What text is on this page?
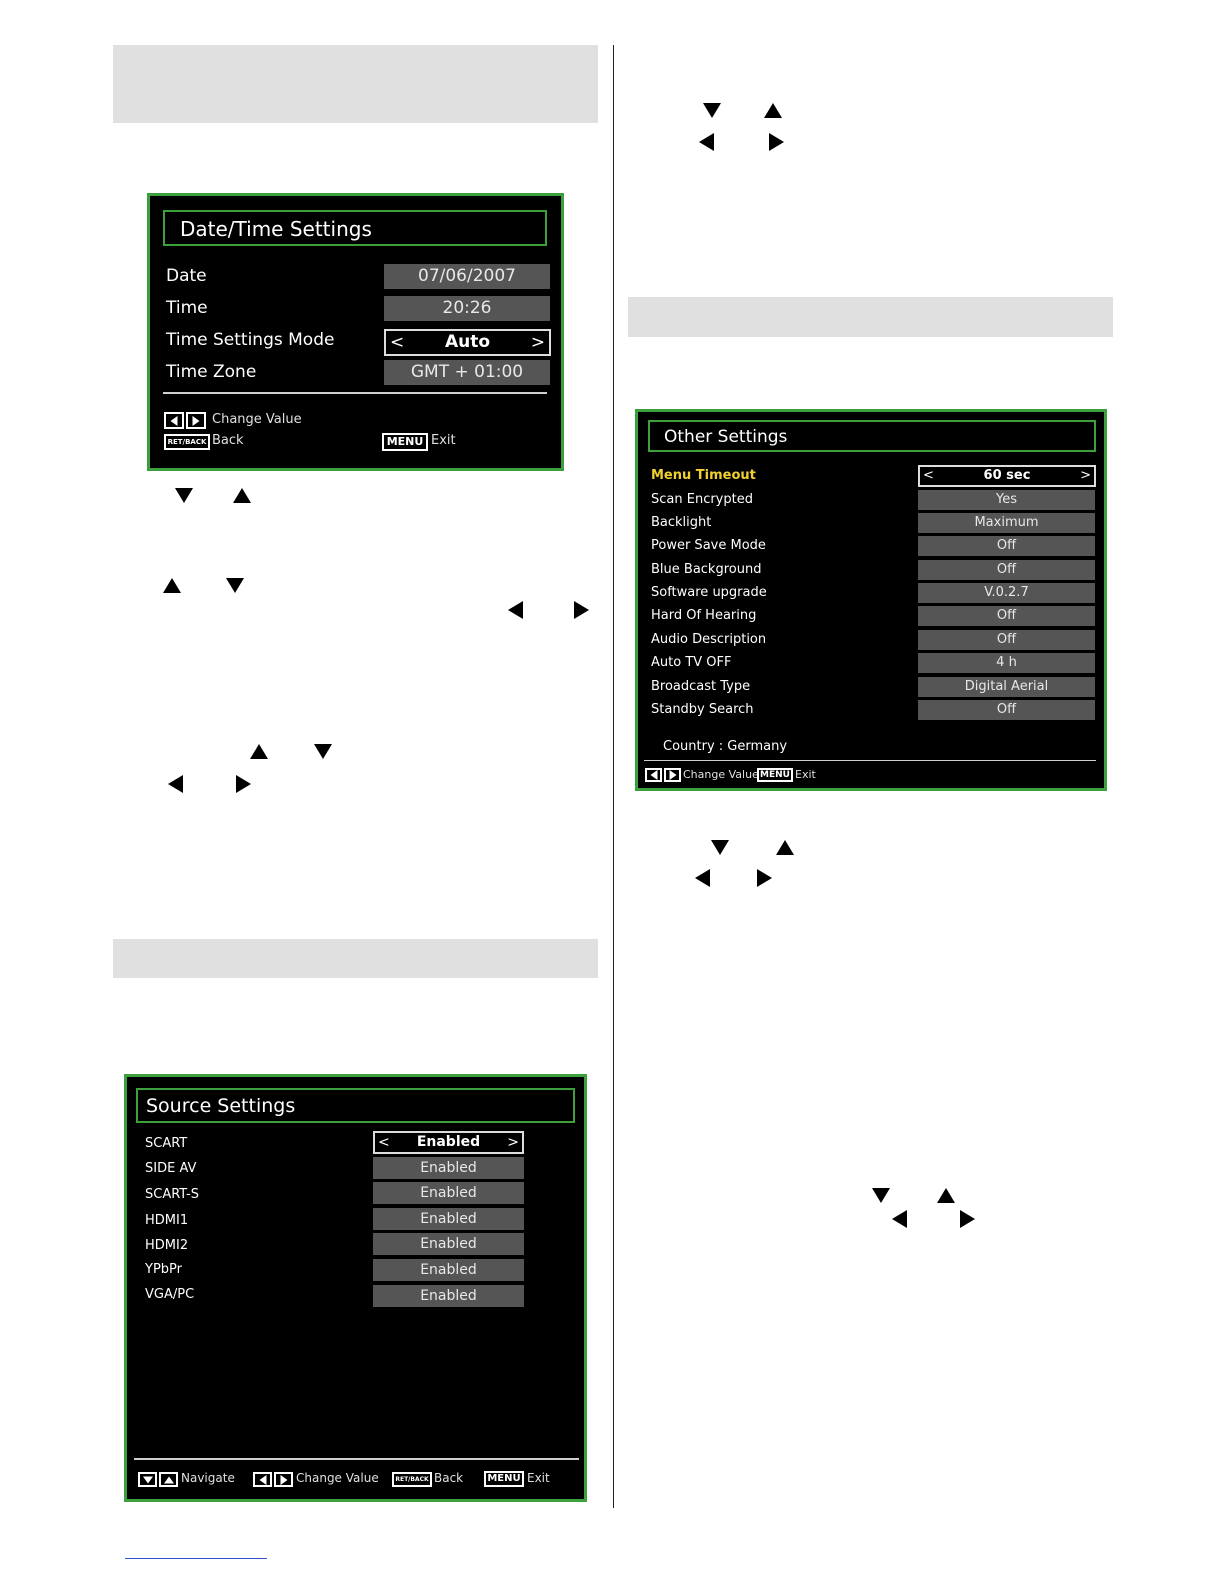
Date/Time Settings
Date	07/06/2007
Time	20:26
Time Settings Mode	< Auto >
Time Zone	GMT + 01:00
Change Value
RET/BACK Back	MENU Exit
Source Settings
SCART	< Enabled >
SIDE AV	Enabled
SCART-S	Enabled
HDMI1	Enabled
HDMI2	Enabled
YPbPr	Enabled
VGA/PC	Enabled
Navigate	Change Value	RET/BACK Back	MENU Exit
Other Settings
Menu Timeout	<	60 sec	>
Scan Encrypted	Yes
Backlight	Maximum
Power Save Mode	Off
Blue Background	Off
Software upgrade	V.0.2.7
Hard Of Hearing	Off
Audio Description	Off
Auto TV OFF	4 h
Broadcast Type	Digital Aerial
Standby Search	Off
Country : Germany
Change Value MENU Exit
